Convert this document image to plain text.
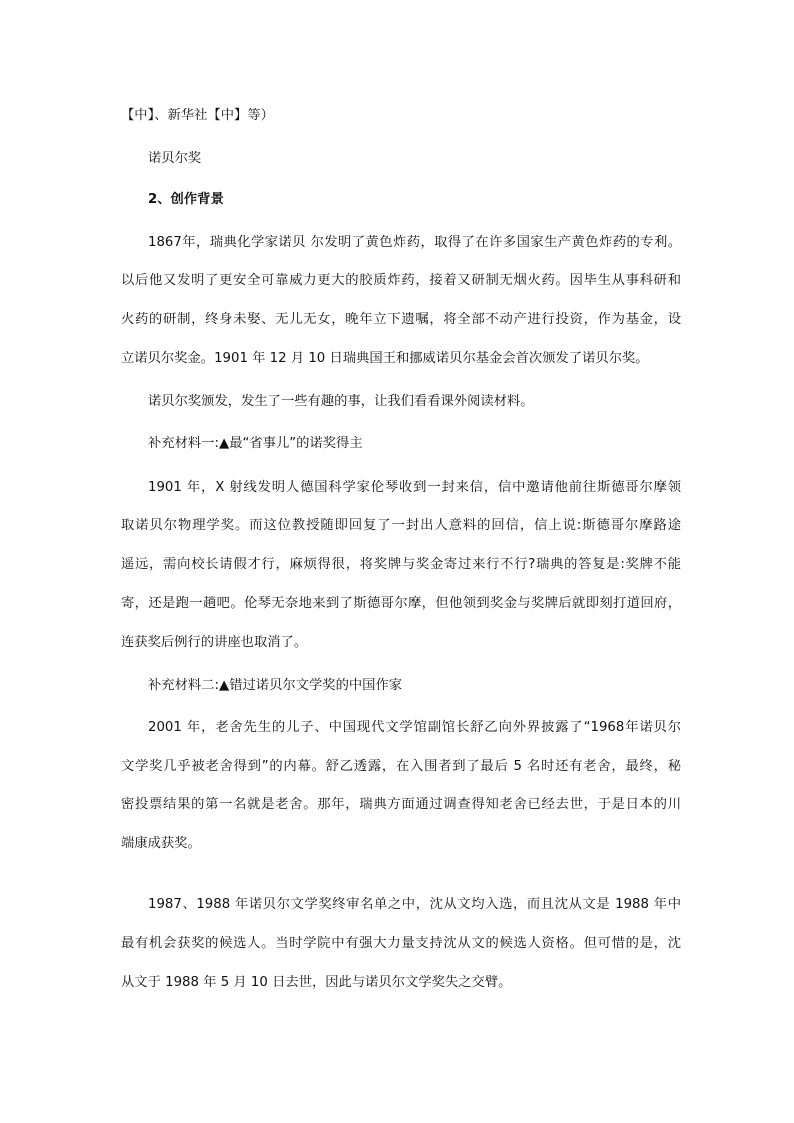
【中】、新华社【中】等）
诺贝尔奖
2、创作背景
1867年，瑞典化学家诺贝 尔发明了黄色炸药，取得了在许多国家生产黄色炸药的专利。
以后他又发明了更安全可靠威力更大的胶质炸药，接着又研制无烟火药。因毕生从事科研和
火药的研制，终身未娶、无儿无女，晚年立下遗嘱，将全部不动产进行投资，作为基金，设
立诺贝尔奖金。1901 年 12 月 10 日瑞典国王和挪威诺贝尔基金会首次颁发了诺贝尔奖。
诺贝尔奖颁发，发生了一些有趣的事，让我们看看课外阅读材料。
补充材料一:▲最“省事儿”的诺奖得主
1901 年，X 射线发明人德国科学家伦琴收到一封来信，信中邀请他前往斯德哥尔摩领
取诺贝尔物理学奖。而这位教授随即回复了一封出人意料的回信，信上说:斯德哥尔摩路途
遥远，需向校长请假才行，麻烦得很，将奖牌与奖金寄过来行不行?瑞典的答复是:奖牌不能
寄，还是跑一趟吧。伦琴无奈地来到了斯德哥尔摩，但他领到奖金与奖牌后就即刻打道回府，
连获奖后例行的讲座也取消了。
补充材料二:▲错过诺贝尔文学奖的中国作家
2001 年，老舍先生的儿子、中国现代文学馆副馆长舒乙向外界披露了“1968年诺贝尔
文学奖几乎被老舍得到”的内幕。舒乙透露，在入围者到了最后 5 名时还有老舍，最终，秘
密投票结果的第一名就是老舍。那年，瑞典方面通过调查得知老舍已经去世，于是日本的川
端康成获奖。
1987、1988 年诺贝尔文学奖终审名单之中，沈从文均入选，而且沈从文是 1988 年中
最有机会获奖的候选人。当时学院中有强大力量支持沈从文的候选人资格。但可惜的是，沈
从文于 1988 年 5 月 10 日去世，因此与诺贝尔文学奖失之交臂。
